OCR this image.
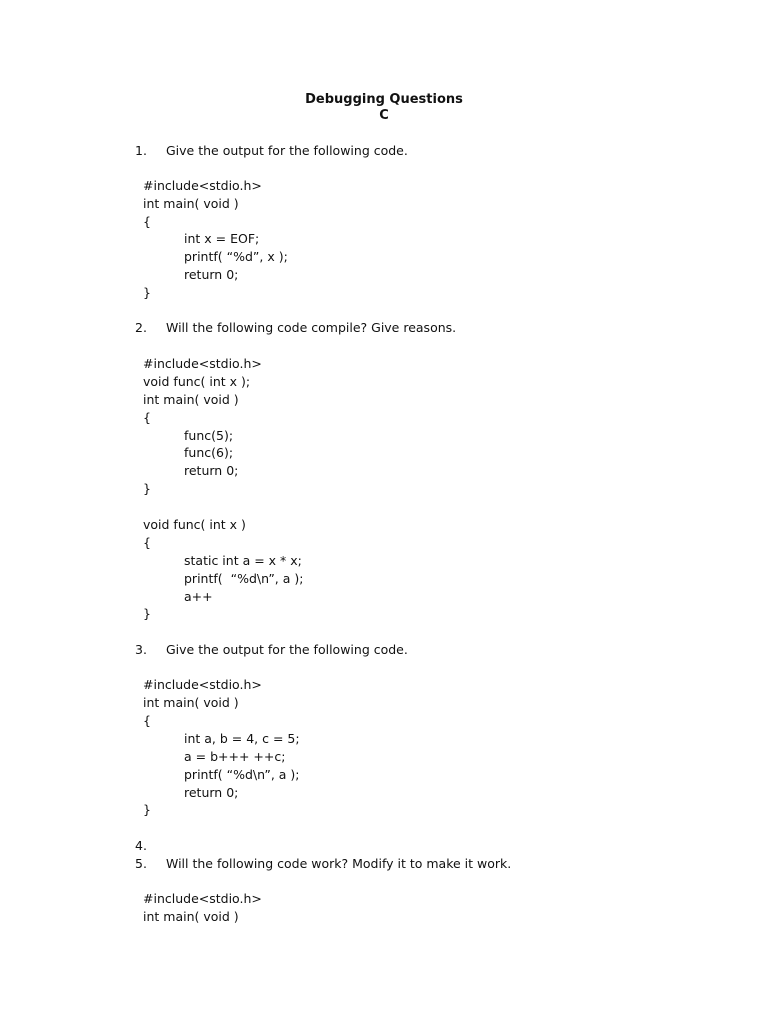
Debugging Questions
C
1. Give the output for the following code.
#include<stdio.h>
int main( void )
{
int x = EOF;
printf( “%d”, x );
return 0;
}
2. Will the following code compile? Give reasons.
#include<stdio.h>
void func( int x );
int main( void )
{
func(5);
func(6);
return 0;
}
void func( int x )
{
static int a = x * x;
printf(  “%d\n”, a );
a++
}
3. Give the output for the following code.
#include<stdio.h>
int main( void )
{
int a, b = 4, c = 5;
a = b+++ ++c;
printf( “%d\n”, a );
return 0;
}
4.
5. Will the following code work? Modify it to make it work.
#include<stdio.h>
int main( void )
